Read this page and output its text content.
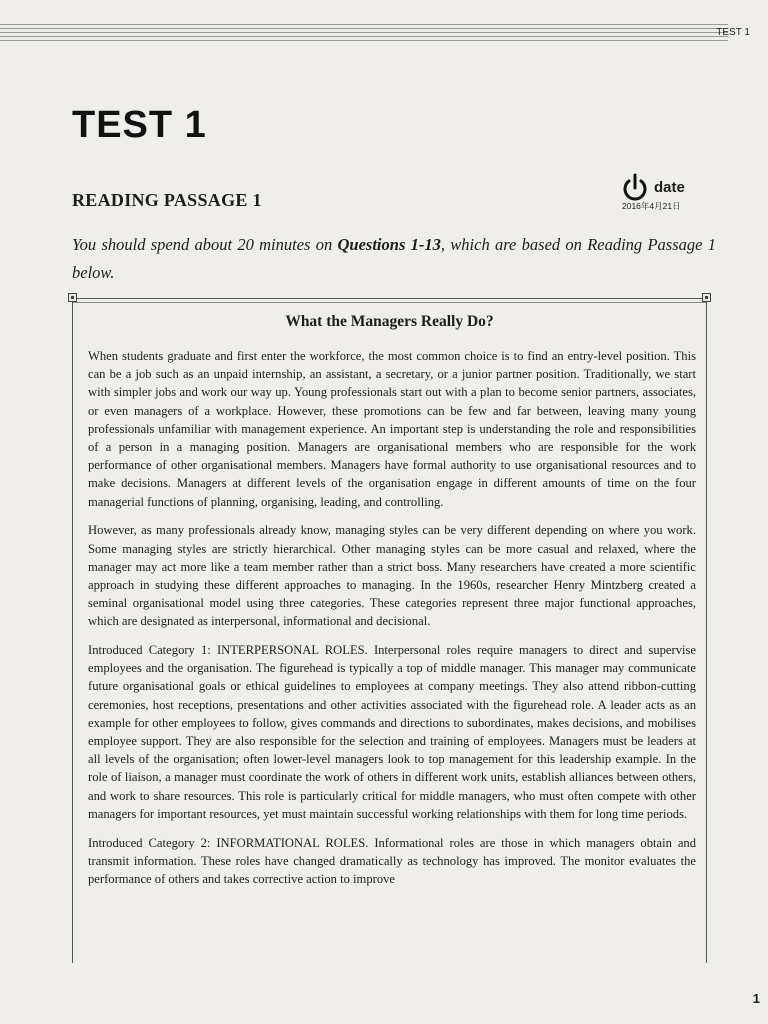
TEST 1
TEST 1
READING PASSAGE 1
date
2016年4月21日
You should spend about 20 minutes on Questions 1-13, which are based on Reading Passage 1 below.
What the Managers Really Do?

When students graduate and first enter the workforce, the most common choice is to find an entry-level position. This can be a job such as an unpaid internship, an assistant, a secretary, or a junior partner position. Traditionally, we start with simpler jobs and work our way up. Young professionals start out with a plan to become senior partners, associates, or even managers of a workplace. However, these promotions can be few and far between, leaving many young professionals unfamiliar with management experience. An important step is understanding the role and responsibilities of a person in a managing position. Managers are organisational members who are responsible for the work performance of other organisational members. Managers have formal authority to use organisational resources and to make decisions. Managers at different levels of the organisation engage in different amounts of time on the four managerial functions of planning, organising, leading, and controlling.

However, as many professionals already know, managing styles can be very different depending on where you work. Some managing styles are strictly hierarchical. Other managing styles can be more casual and relaxed, where the manager may act more like a team member rather than a strict boss. Many researchers have created a more scientific approach in studying these different approaches to managing. In the 1960s, researcher Henry Mintzberg created a seminal organisational model using three categories. These categories represent three major functional approaches, which are designated as interpersonal, informational and decisional.

Introduced Category 1: INTERPERSONAL ROLES. Interpersonal roles require managers to direct and supervise employees and the organisation. The figurehead is typically a top of middle manager. This manager may communicate future organisational goals or ethical guidelines to employees at company meetings. They also attend ribbon-cutting ceremonies, host receptions, presentations and other activities associated with the figurehead role. A leader acts as an example for other employees to follow, gives commands and directions to subordinates, makes decisions, and mobilises employee support. They are also responsible for the selection and training of employees. Managers must be leaders at all levels of the organisation; often lower-level managers look to top management for this leadership example. In the role of liaison, a manager must coordinate the work of others in different work units, establish alliances between others, and work to share resources. This role is particularly critical for middle managers, who must often compete with other managers for important resources, yet must maintain successful working relationships with them for long time periods.

Introduced Category 2: INFORMATIONAL ROLES. Informational roles are those in which managers obtain and transmit information. These roles have changed dramatically as technology has improved. The monitor evaluates the performance of others and takes corrective action to improve

1
